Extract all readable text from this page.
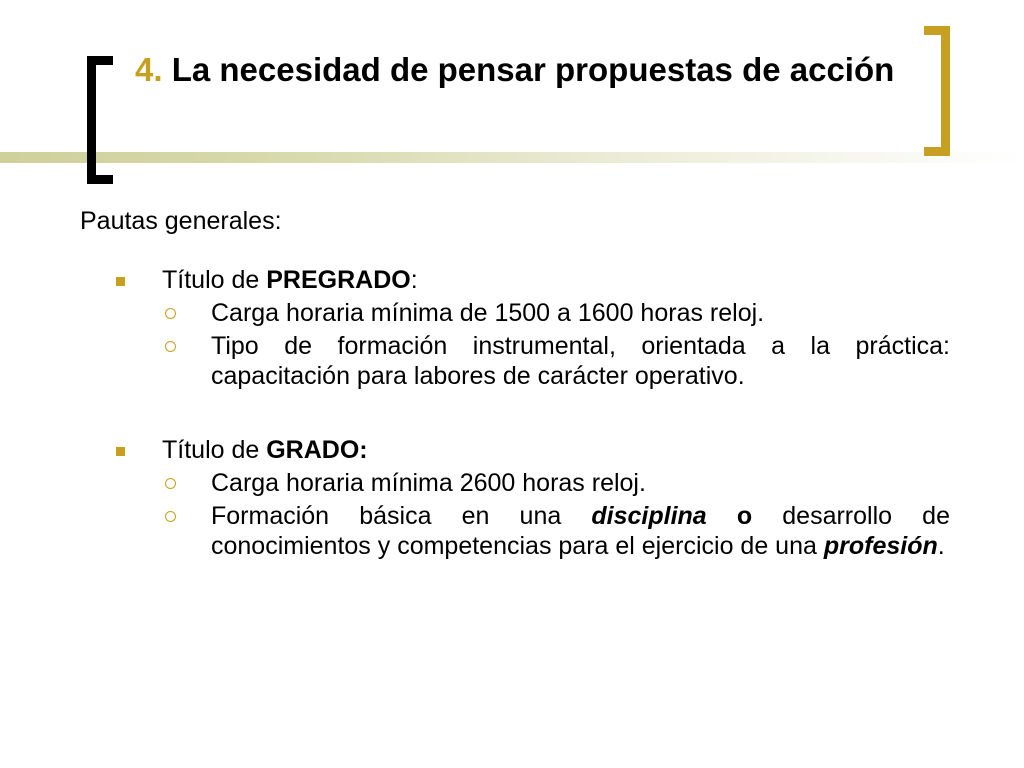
4. La necesidad de pensar propuestas de acción
Pautas generales:

Título de PREGRADO:

Carga horaria mínima de 1500 a 1600 horas reloj.

Tipo de formación instrumental, orientada a la práctica: capacitación para labores de carácter operativo.

Título de GRADO:

Carga horaria mínima 2600 horas reloj.

Formación básica en una disciplina o desarrollo de conocimientos y competencias para el ejercicio de una profesión.
